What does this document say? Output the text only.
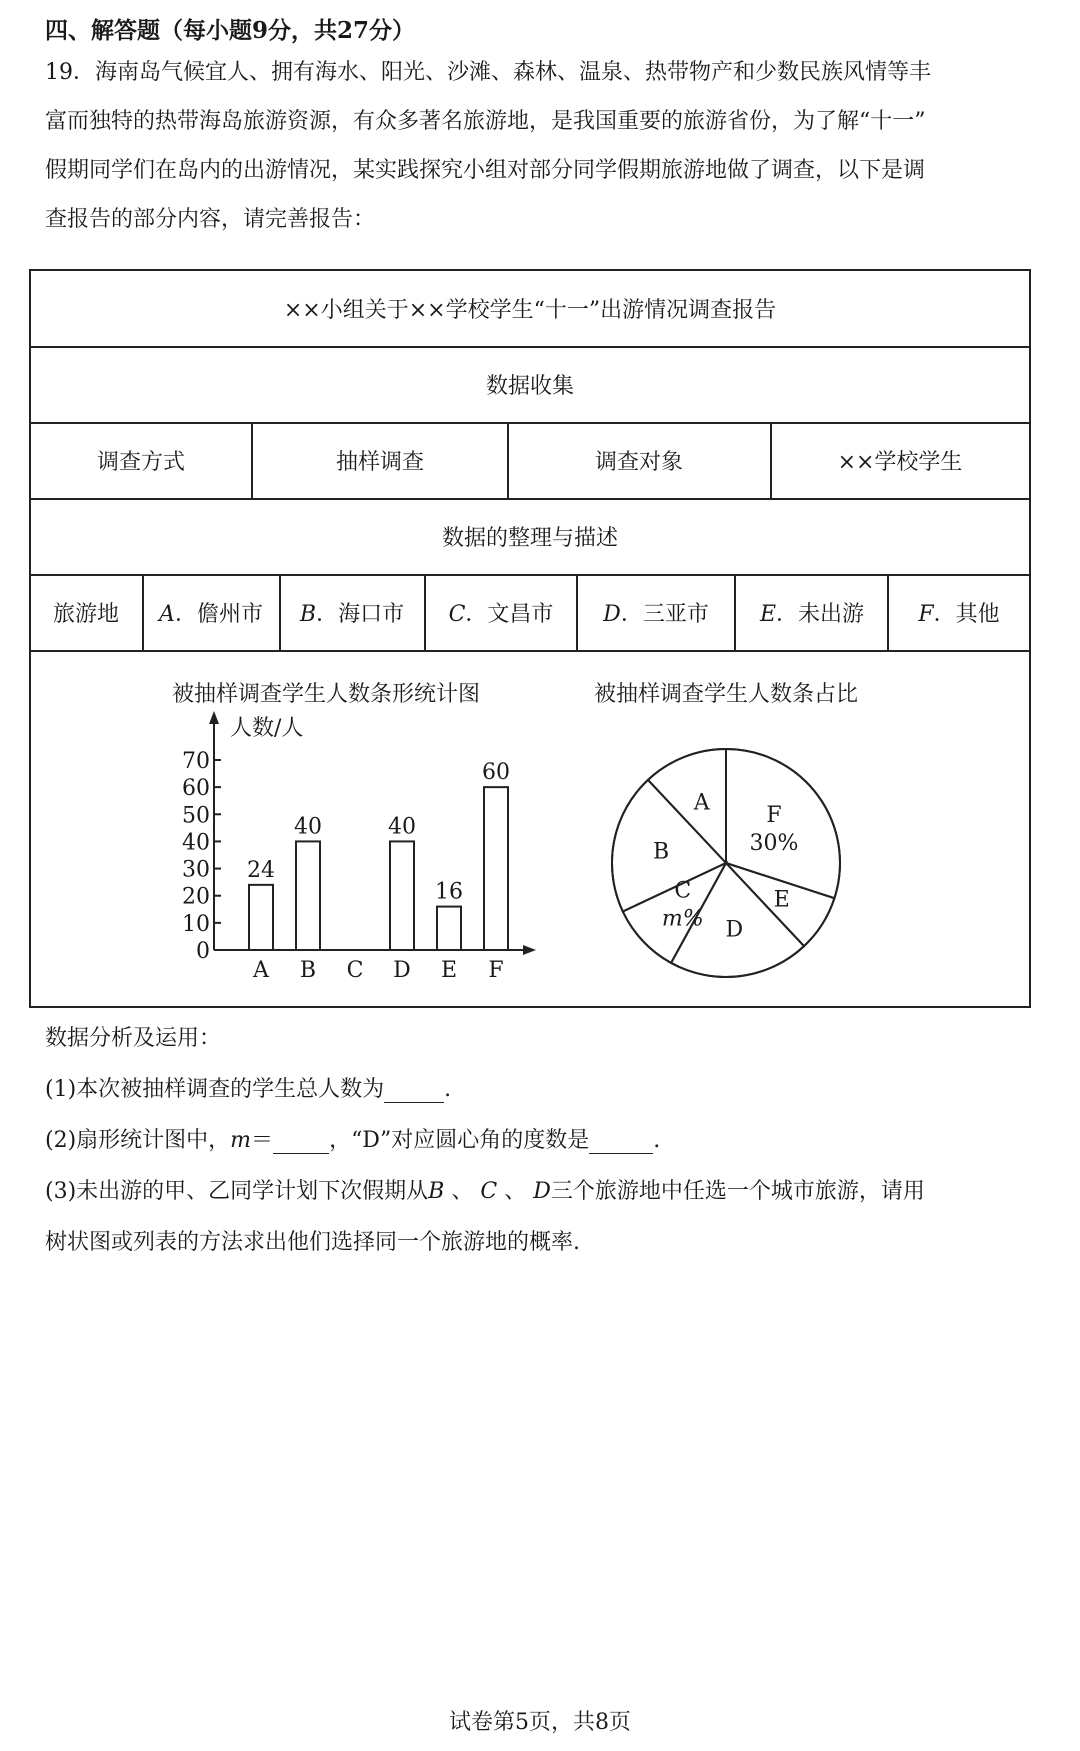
四、解答题（每小题9分，共27分）
19．海南岛气候宜人、拥有海水、阳光、沙滩、森林、温泉、热带物产和少数民族风情等丰
富而独特的热带海岛旅游资源，有众多著名旅游地，是我国重要的旅游省份，为了解“十一”
假期同学们在岛内的出游情况，某实践探究小组对部分同学假期旅游地做了调查，以下是调
查报告的部分内容，请完善报告：
××小组关于××学校学生“十一”出游情况调查报告
数据收集
调查方式	抽样调查	调查对象	××学校学生
数据的整理与描述
旅游地 A．儋州市 B．海口市 C．文昌市 D．三亚市 E．未出游 F．其他
被抽样调查学生人数条形统计图
人数/人
0
10
20
30
40
50
60
70
24
A
40
B C
40
D
16
E
60
F
被抽样调查学生人数条占比
F
30%
E
D
C
m%
B
A
数据分析及运用：
(1)本次被抽样调查的学生总人数为	.
(2)扇形统计图中，m＝	，“D”对应圆心角的度数是	.
(3)未出游的甲、乙同学计划下次假期从B 、 C 、 D三个旅游地中任选一个城市旅游，请用
树状图或列表的方法求出他们选择同一个旅游地的概率.
试卷第5页，共8页
